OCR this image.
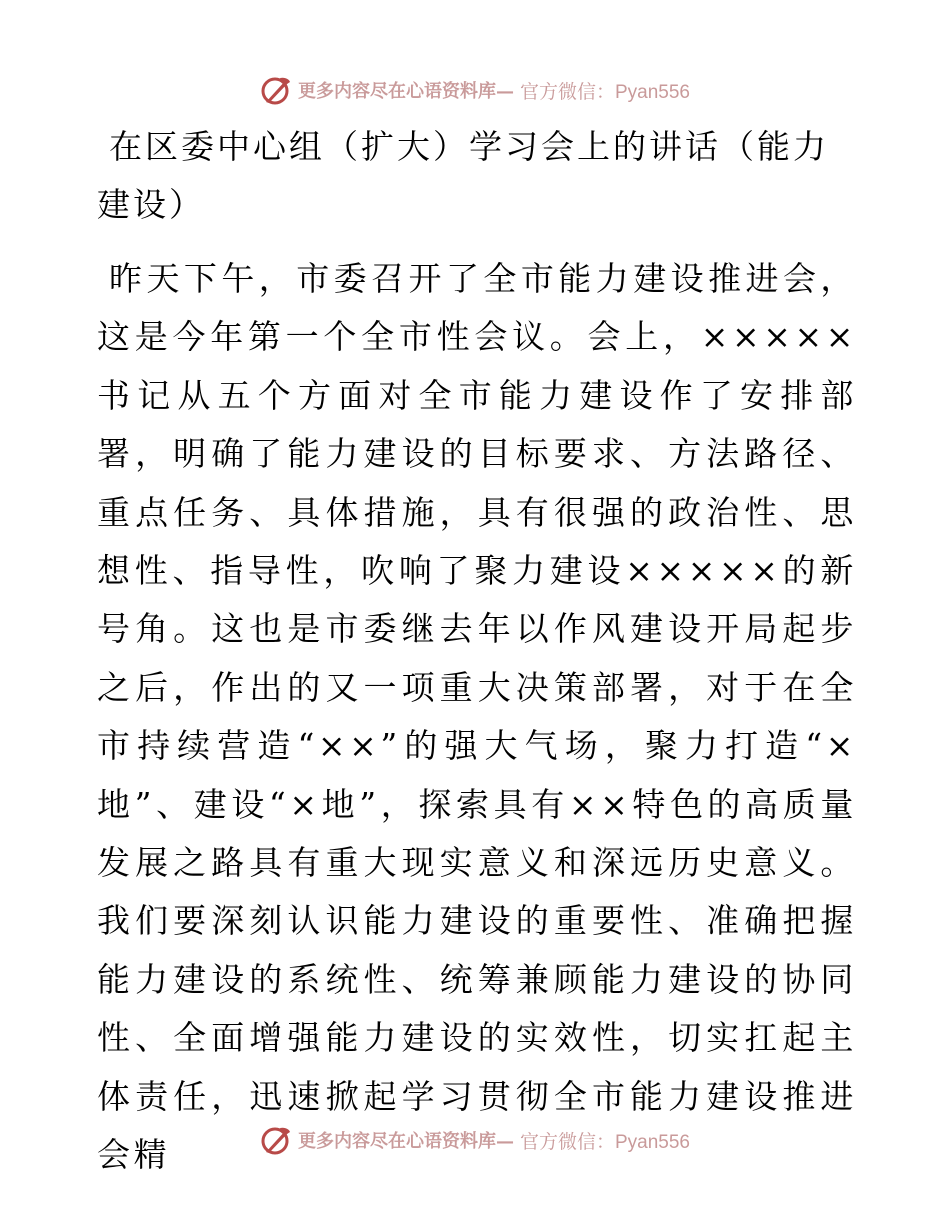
更多内容尽在心语资料库— 官方微信：Pyan556
在区委中心组（扩大）学习会上的讲话（能力建设）

昨天下午，市委召开了全市能力建设推进会，这是今年第一个全市性会议。会上，×××××书记从五个方面对全市能力建设作了安排部署，明确了能力建设的目标要求、方法路径、重点任务、具体措施，具有很强的政治性、思想性、指导性，吹响了聚力建设×××××的新号角。这也是市委继去年以作风建设开局起步之后，作出的又一项重大决策部署，对于在全市持续营造“××”的强大气场，聚力打造“×地”、建设“×地”，探索具有××特色的高质量发展之路具有重大现实意义和深远历史意义。我们要深刻认识能力建设的重要性、准确把握能力建设的系统性、统筹兼顾能力建设的协同性、全面增强能力建设的实效性，切实扛起主体责任，迅速掀起学习贯彻全市能力建设推进会精	更多内容尽在心语资料库— 官方微信：Pyan556
